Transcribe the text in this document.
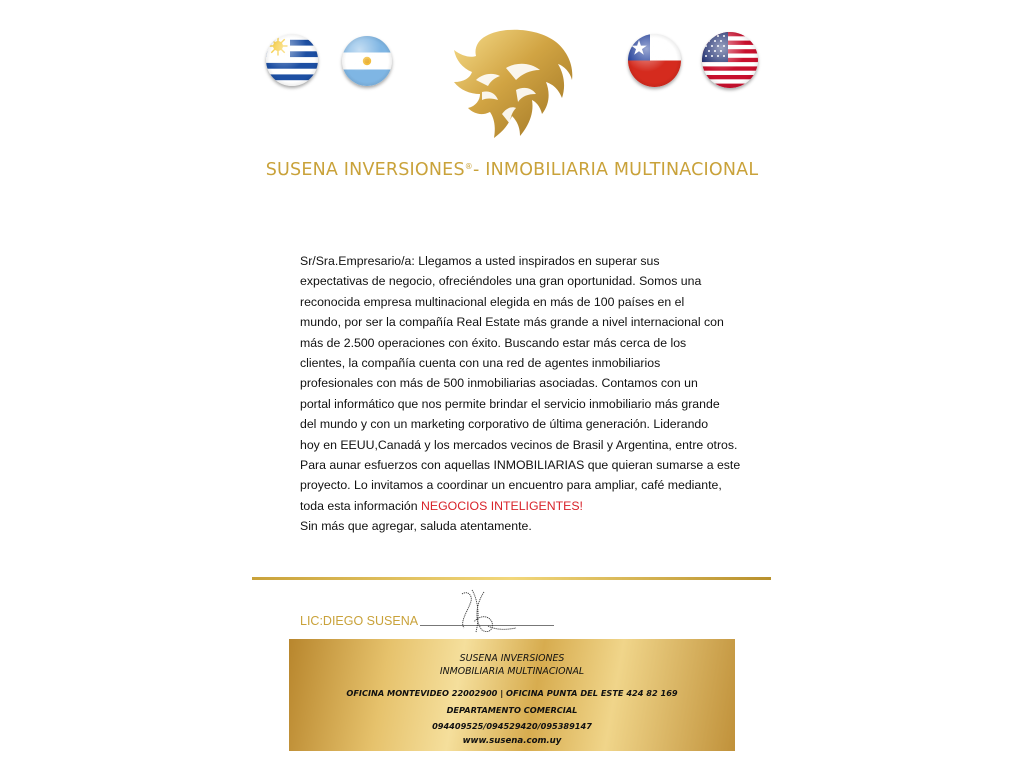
SUSENA INVERSIONES®- INMOBILIARIA MULTINACIONAL
Sr/Sra.Empresario/a: Llegamos a usted inspirados en superar sus
expectativas de negocio, ofreciéndoles una gran oportunidad. Somos una
reconocida empresa multinacional elegida en más de 100 países en el
mundo, por ser la compañía Real Estate más grande a nivel internacional con
más de 2.500 operaciones con éxito. Buscando estar más cerca de los
clientes, la compañía cuenta con una red de agentes inmobiliarios
profesionales con más de 500 inmobiliarias asociadas. Contamos con un
portal informático que nos permite brindar el servicio inmobiliario más grande
del mundo y con un marketing corporativo de última generación. Liderando
hoy en EEUU,Canadá y los mercados vecinos de Brasil y Argentina, entre otros.
Para aunar esfuerzos con aquellas INMOBILIARIAS que quieran sumarse a este
proyecto. Lo invitamos a coordinar un encuentro para ampliar, café mediante,
toda esta información NEGOCIOS INTELIGENTES!
Sin más que agregar, saluda atentamente.
LIC:DIEGO SUSENA
SUSENA INVERSIONES
INMOBILIARIA MULTINACIONAL
OFICINA MONTEVIDEO 22002900 | OFICINA PUNTA DEL ESTE 424 82 169
DEPARTAMENTO COMERCIAL
094409525/094529420/095389147
www.susena.com.uy
